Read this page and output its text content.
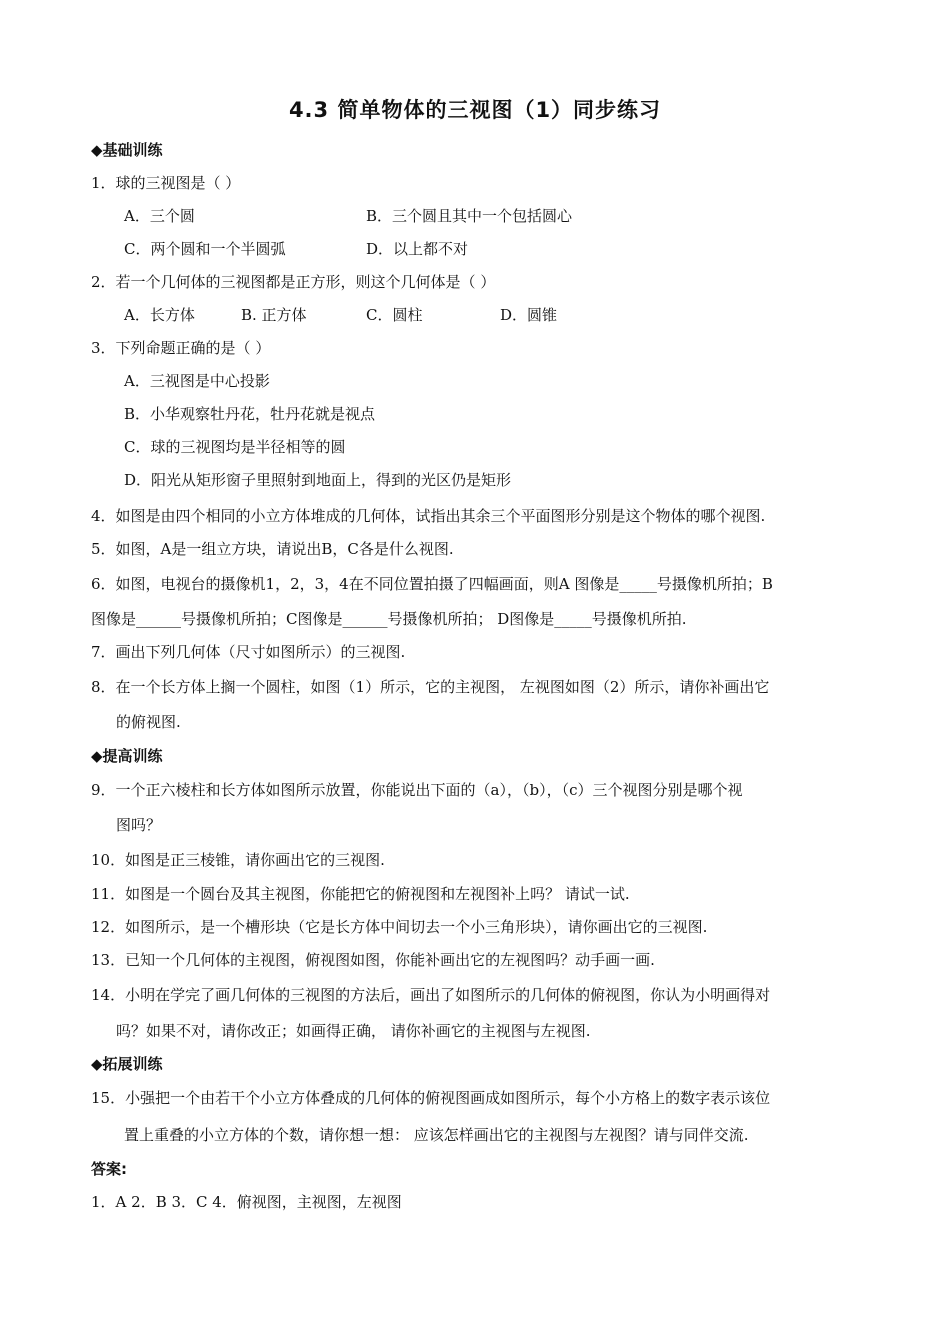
4.3 简单物体的三视图（1）同步练习
◆基础训练
1．球的三视图是（ ）
A．三个圆	B．三个圆且其中一个包括圆心
C．两个圆和一个半圆弧	D．以上都不对
2．若一个几何体的三视图都是正方形，则这个几何体是（ ）
A．长方体	B. 正方体	C．圆柱	D．圆锥
3．下列命题正确的是（ ）
A．三视图是中心投影
B．小华观察牡丹花，牡丹花就是视点
C．球的三视图均是半径相等的圆
D．阳光从矩形窗子里照射到地面上，得到的光区仍是矩形
4．如图是由四个相同的小立方体堆成的几何体，试指出其余三个平面图形分别是这个物体的哪个视图.
5．如图，A是一组立方块，请说出B，C各是什么视图.
6．如图，电视台的摄像机1，2，3，4在不同位置拍摄了四幅画面，则A 图像是_____号摄像机所拍；B
图像是______号摄像机所拍；C图像是______号摄像机所拍； D图像是_____号摄像机所拍.
7．画出下列几何体（尺寸如图所示）的三视图.
8．在一个长方体上搁一个圆柱，如图（1）所示，它的主视图， 左视图如图（2）所示，请你补画出它
的俯视图.
◆提高训练
9．一个正六棱柱和长方体如图所示放置，你能说出下面的（a），（b），（c）三个视图分别是哪个视
图吗？
10．如图是正三棱锥，请你画出它的三视图.
11．如图是一个圆台及其主视图，你能把它的俯视图和左视图补上吗？ 请试一试.
12．如图所示，是一个槽形块（它是长方体中间切去一个小三角形块），请你画出它的三视图.
13．已知一个几何体的主视图，俯视图如图，你能补画出它的左视图吗？动手画一画.
14．小明在学完了画几何体的三视图的方法后，画出了如图所示的几何体的俯视图，你认为小明画得对
吗？如果不对，请你改正；如画得正确， 请你补画它的主视图与左视图.
◆拓展训练
15．小强把一个由若干个小立方体叠成的几何体的俯视图画成如图所示，每个小方格上的数字表示该位
置上重叠的小立方体的个数，请你想一想： 应该怎样画出它的主视图与左视图？请与同伴交流.
答案:
1．A 2．B 3．C 4．俯视图，主视图，左视图
